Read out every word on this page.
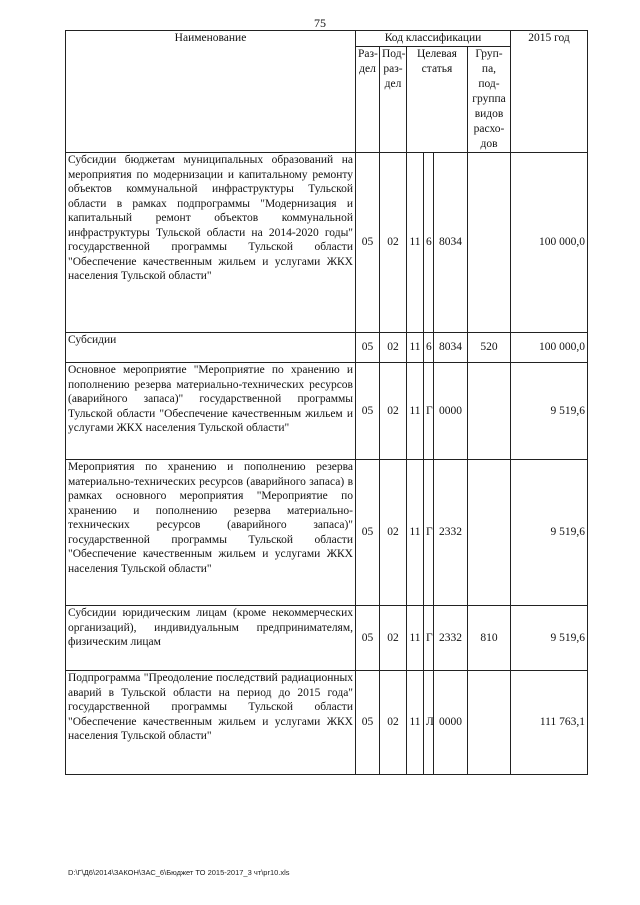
75
Наименование	Код классификации						2015 год
	Раз-дел	Под-раз-дел	Целевая статья			Груп-па, под-группа видов расхо-дов	
Субсидии бюджетам муниципальных образований на мероприятия по модернизации и капитальному ремонту объектов коммунальной инфраструктуры Тульской области в рамках подпрограммы "Модернизация и капитальный ремонт объектов коммунальной инфраструктуры Тульской области на 2014-2020 годы" государственной программы Тульской области "Обеспечение качественным жильем и услугами ЖКХ населения Тульской области"	05	02	11	6	8034		100 000,0
Субсидии	05	02	11	6	8034	520	100 000,0
Основное мероприятие "Мероприятие по хранению и пополнению резерва материально-технических ресурсов (аварийного запаса)" государственной программы Тульской области "Обеспечение качественным жильем и услугами ЖКХ населения Тульской области"	05	02	11	Г	0000		9 519,6
Мероприятия по хранению и пополнению резерва материально-технических ресурсов (аварийного запаса) в рамках основного мероприятия "Мероприятие по хранению и пополнению резерва материально-технических ресурсов (аварийного запаса)" государственной программы Тульской области "Обеспечение качественным жильем и услугами ЖКХ населения Тульской области"	05	02	11	Г	2332		9 519,6
Субсидии юридическим лицам (кроме некоммерческих организаций), индивидуальным предпринимателям, физическим лицам	05	02	11	Г	2332	810	9 519,6
Подпрограмма "Преодоление последствий радиационных аварий в Тульской области на период до 2015 года" государственной программы Тульской области "Обеспечение качественным жильем и услугами ЖКХ населения Тульской области"	05	02	11	Л	0000		111 763,1
D:\Г\Д6\2014\ЗАКОН\ЗАС_6\Бюджет ТО 2015-2017_3 чт\pr10.xls
